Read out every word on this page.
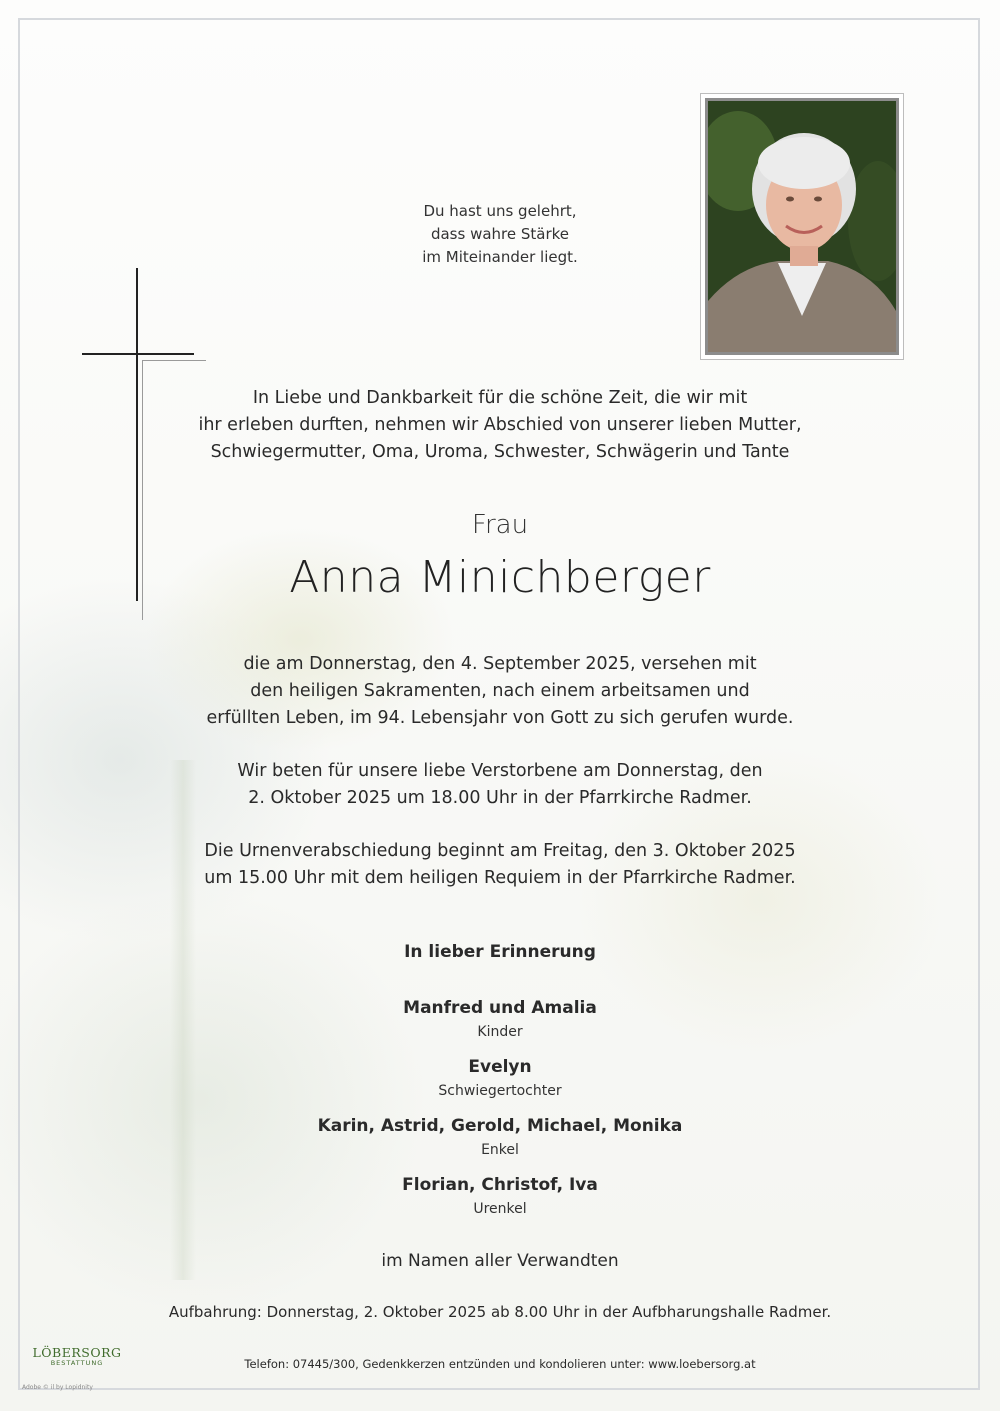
Du hast uns gelehrt,
dass wahre Stärke
im Miteinander liegt.
In Liebe und Dankbarkeit für die schöne Zeit, die wir mit
ihr erleben durften, nehmen wir Abschied von unserer lieben Mutter,
Schwiegermutter, Oma, Uroma, Schwester, Schwägerin und Tante
Frau
Anna Minichberger
die am Donnerstag, den 4. September 2025, versehen mit
den heiligen Sakramenten, nach einem arbeitsamen und
erfüllten Leben, im 94. Lebensjahr von Gott zu sich gerufen wurde.
Wir beten für unsere liebe Verstorbene am Donnerstag, den
2. Oktober 2025 um 18.00 Uhr in der Pfarrkirche Radmer.
Die Urnenverabschiedung beginnt am Freitag, den 3. Oktober 2025
um 15.00 Uhr mit dem heiligen Requiem in der Pfarrkirche Radmer.
In lieber Erinnerung
Manfred und Amalia
Kinder
Evelyn
Schwiegertochter
Karin, Astrid, Gerold, Michael, Monika
Enkel
Florian, Christof, Iva
Urenkel
im Namen aller Verwandten
Aufbahrung: Donnerstag, 2. Oktober 2025 ab 8.00 Uhr in der Aufbharungshalle Radmer.
Telefon: 07445/300, Gedenkkerzen entzünden und kondolieren unter: www.loebersorg.at
LÖBERSORG
BESTATTUNG
Adobe © il by Lopidnity
